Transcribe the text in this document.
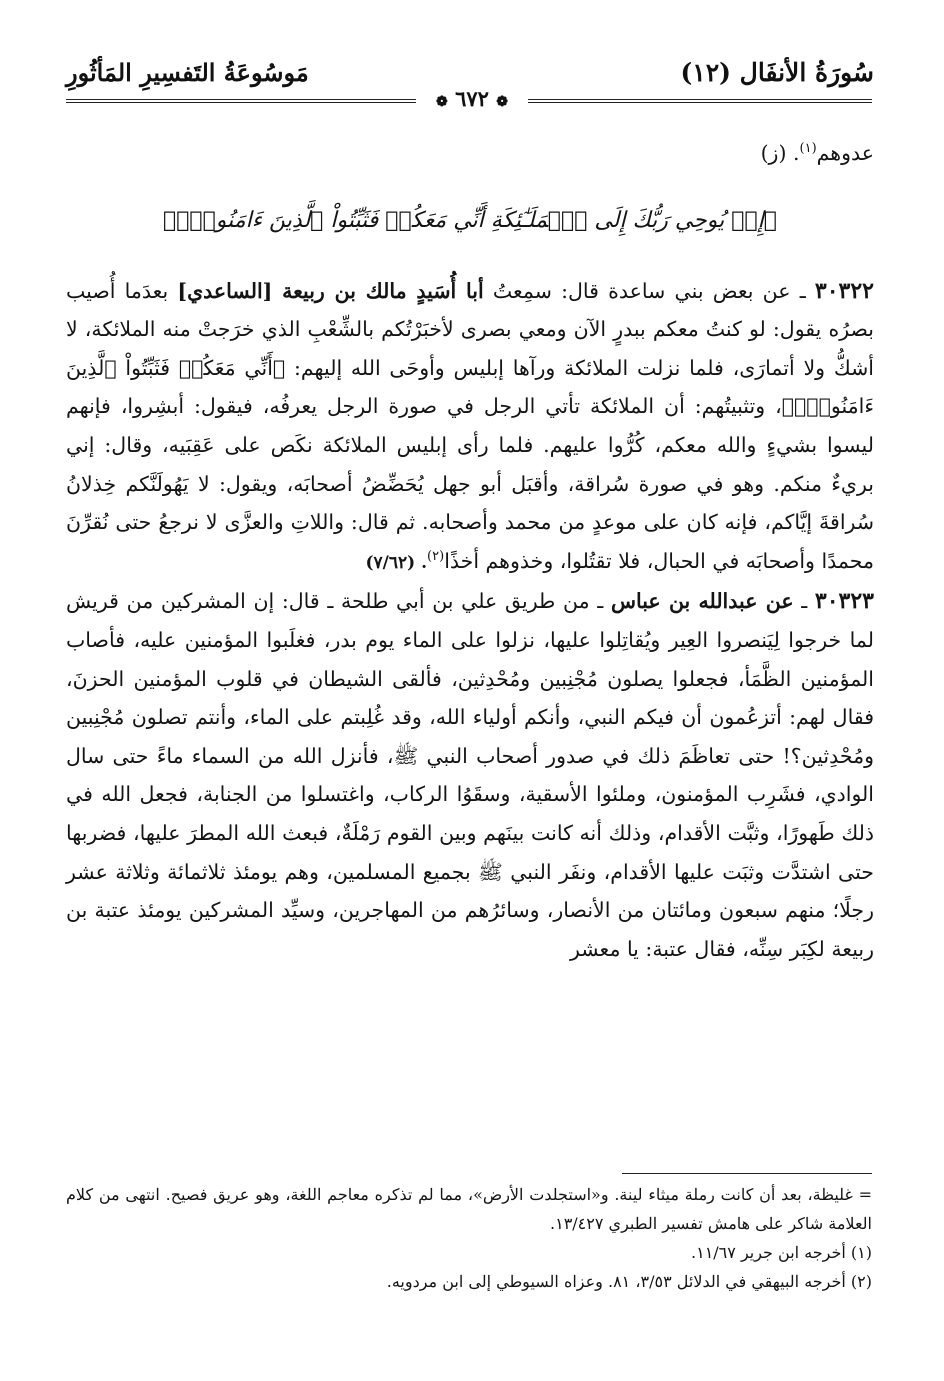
سُورَةُ الأنفَال (١٢)
مَوسُوعَةُ التَفسِيرِ المَأثُورِ
❁ ٦٧٢ ❁

عدوهم$^{(١)}$. (ز)

﴿إِذۡ يُوحِي رَبُّكَ إِلَى ٱلۡمَلَـٰٓئِكَةِ أَنِّي مَعَكُمۡ فَثَبِّتُواْ ٱلَّذِينَ ءَامَنُواْۚ﴾

٣٠٣٢٢ ـ عن بعض بني ساعدة قال: سمِعتُ أبا أُسَيدٍ مالك بن ربيعة [الساعدي] بعدَما أُصيب بصرُه يقول: لو كنتُ معكم ببدرٍ الآن ومعي بصرى لأخبَرْتُكم بالشِّعْبِ الذي خرَجتْ منه الملائكة، لا أشكُّ ولا أتمارَى، فلما نزلت الملائكة ورآها إبليس وأوحَى الله إليهم: ﴿أَنِّي مَعَكُمۡ فَثَبِّتُواْ ٱلَّذِينَ ءَامَنُواْۚ﴾، وتثبيتُهم: أن الملائكة تأتي الرجل في صورة الرجل يعرفُه، فيقول: أبشِروا، فإنهم ليسوا بشيءٍ والله معكم، كُرُّوا عليهم. فلما رأى إبليس الملائكة نكَص على عَقِبَيه، وقال: إني بريءٌ منكم. وهو في صورة سُراقة، وأقبَل أبو جهل يُحَضِّضُ أصحابَه، ويقول: لا يَهُولَنَّكم خِذلانُ سُراقةَ إيَّاكم، فإنه كان على موعدٍ من محمد وأصحابه. ثم قال: واللاتِ والعزَّى لا نرجعُ حتى نُقرِّنَ محمدًا وأصحابَه في الحبال، فلا تقتُلوا، وخذوهم أخذًا$^{(٢)}$. (٧/٦٢)

٣٠٣٢٣ ـ عن عبدالله بن عباس ـ من طريق علي بن أبي طلحة ـ قال: إن المشركين من قريش لما خرجوا لِيَنصروا العِير ويُقاتِلوا عليها، نزلوا على الماء يوم بدر، فغلَبوا المؤمنين عليه، فأصاب المؤمنين الظَّمَأ، فجعلوا يصلون مُجْنِبين ومُحْدِثين، فألقى الشيطان في قلوب المؤمنين الحزنَ، فقال لهم: أتزعُمون أن فيكم النبي، وأنكم أولياء الله، وقد غُلِبتم على الماء، وأنتم تصلون مُجْنِبين ومُحْدِثين؟! حتى تعاظَمَ ذلك في صدور أصحاب النبي ﷺ، فأنزل الله من السماء ماءً حتى سال الوادي، فشَرِب المؤمنون، وملئوا الأسقية، وسقَوُا الركاب، واغتسلوا من الجنابة، فجعل الله في ذلك طَهورًا، وثبَّت الأقدام، وذلك أنه كانت بينَهم وبين القوم رَمْلَةٌ، فبعث الله المطرَ عليها، فضربها حتى اشتدَّت وثبَت عليها الأقدام، ونفَر النبي ﷺ بجميع المسلمين، وهم يومئذ ثلاثمائة وثلاثة عشر رجلًا؛ منهم سبعون ومائتان من الأنصار، وسائرُهم من المهاجرين، وسيِّد المشركين يومئذ عتبة بن ربيعة لكِبَر سِنِّه، فقال عتبة: يا معشر

= غليظة، بعد أن كانت رملة ميثاء لينة. و«استجلدت الأرض»، مما لم تذكره معاجم اللغة، وهو عريق فصيح. انتهى من كلام العلامة شاكر على هامش تفسير الطبري ١٣/٤٢٧.

(١) أخرجه ابن جرير ١١/٦٧.

(٢) أخرجه البيهقي في الدلائل ٣/٥٣، ٨١. وعزاه السيوطي إلى ابن مردويه.
